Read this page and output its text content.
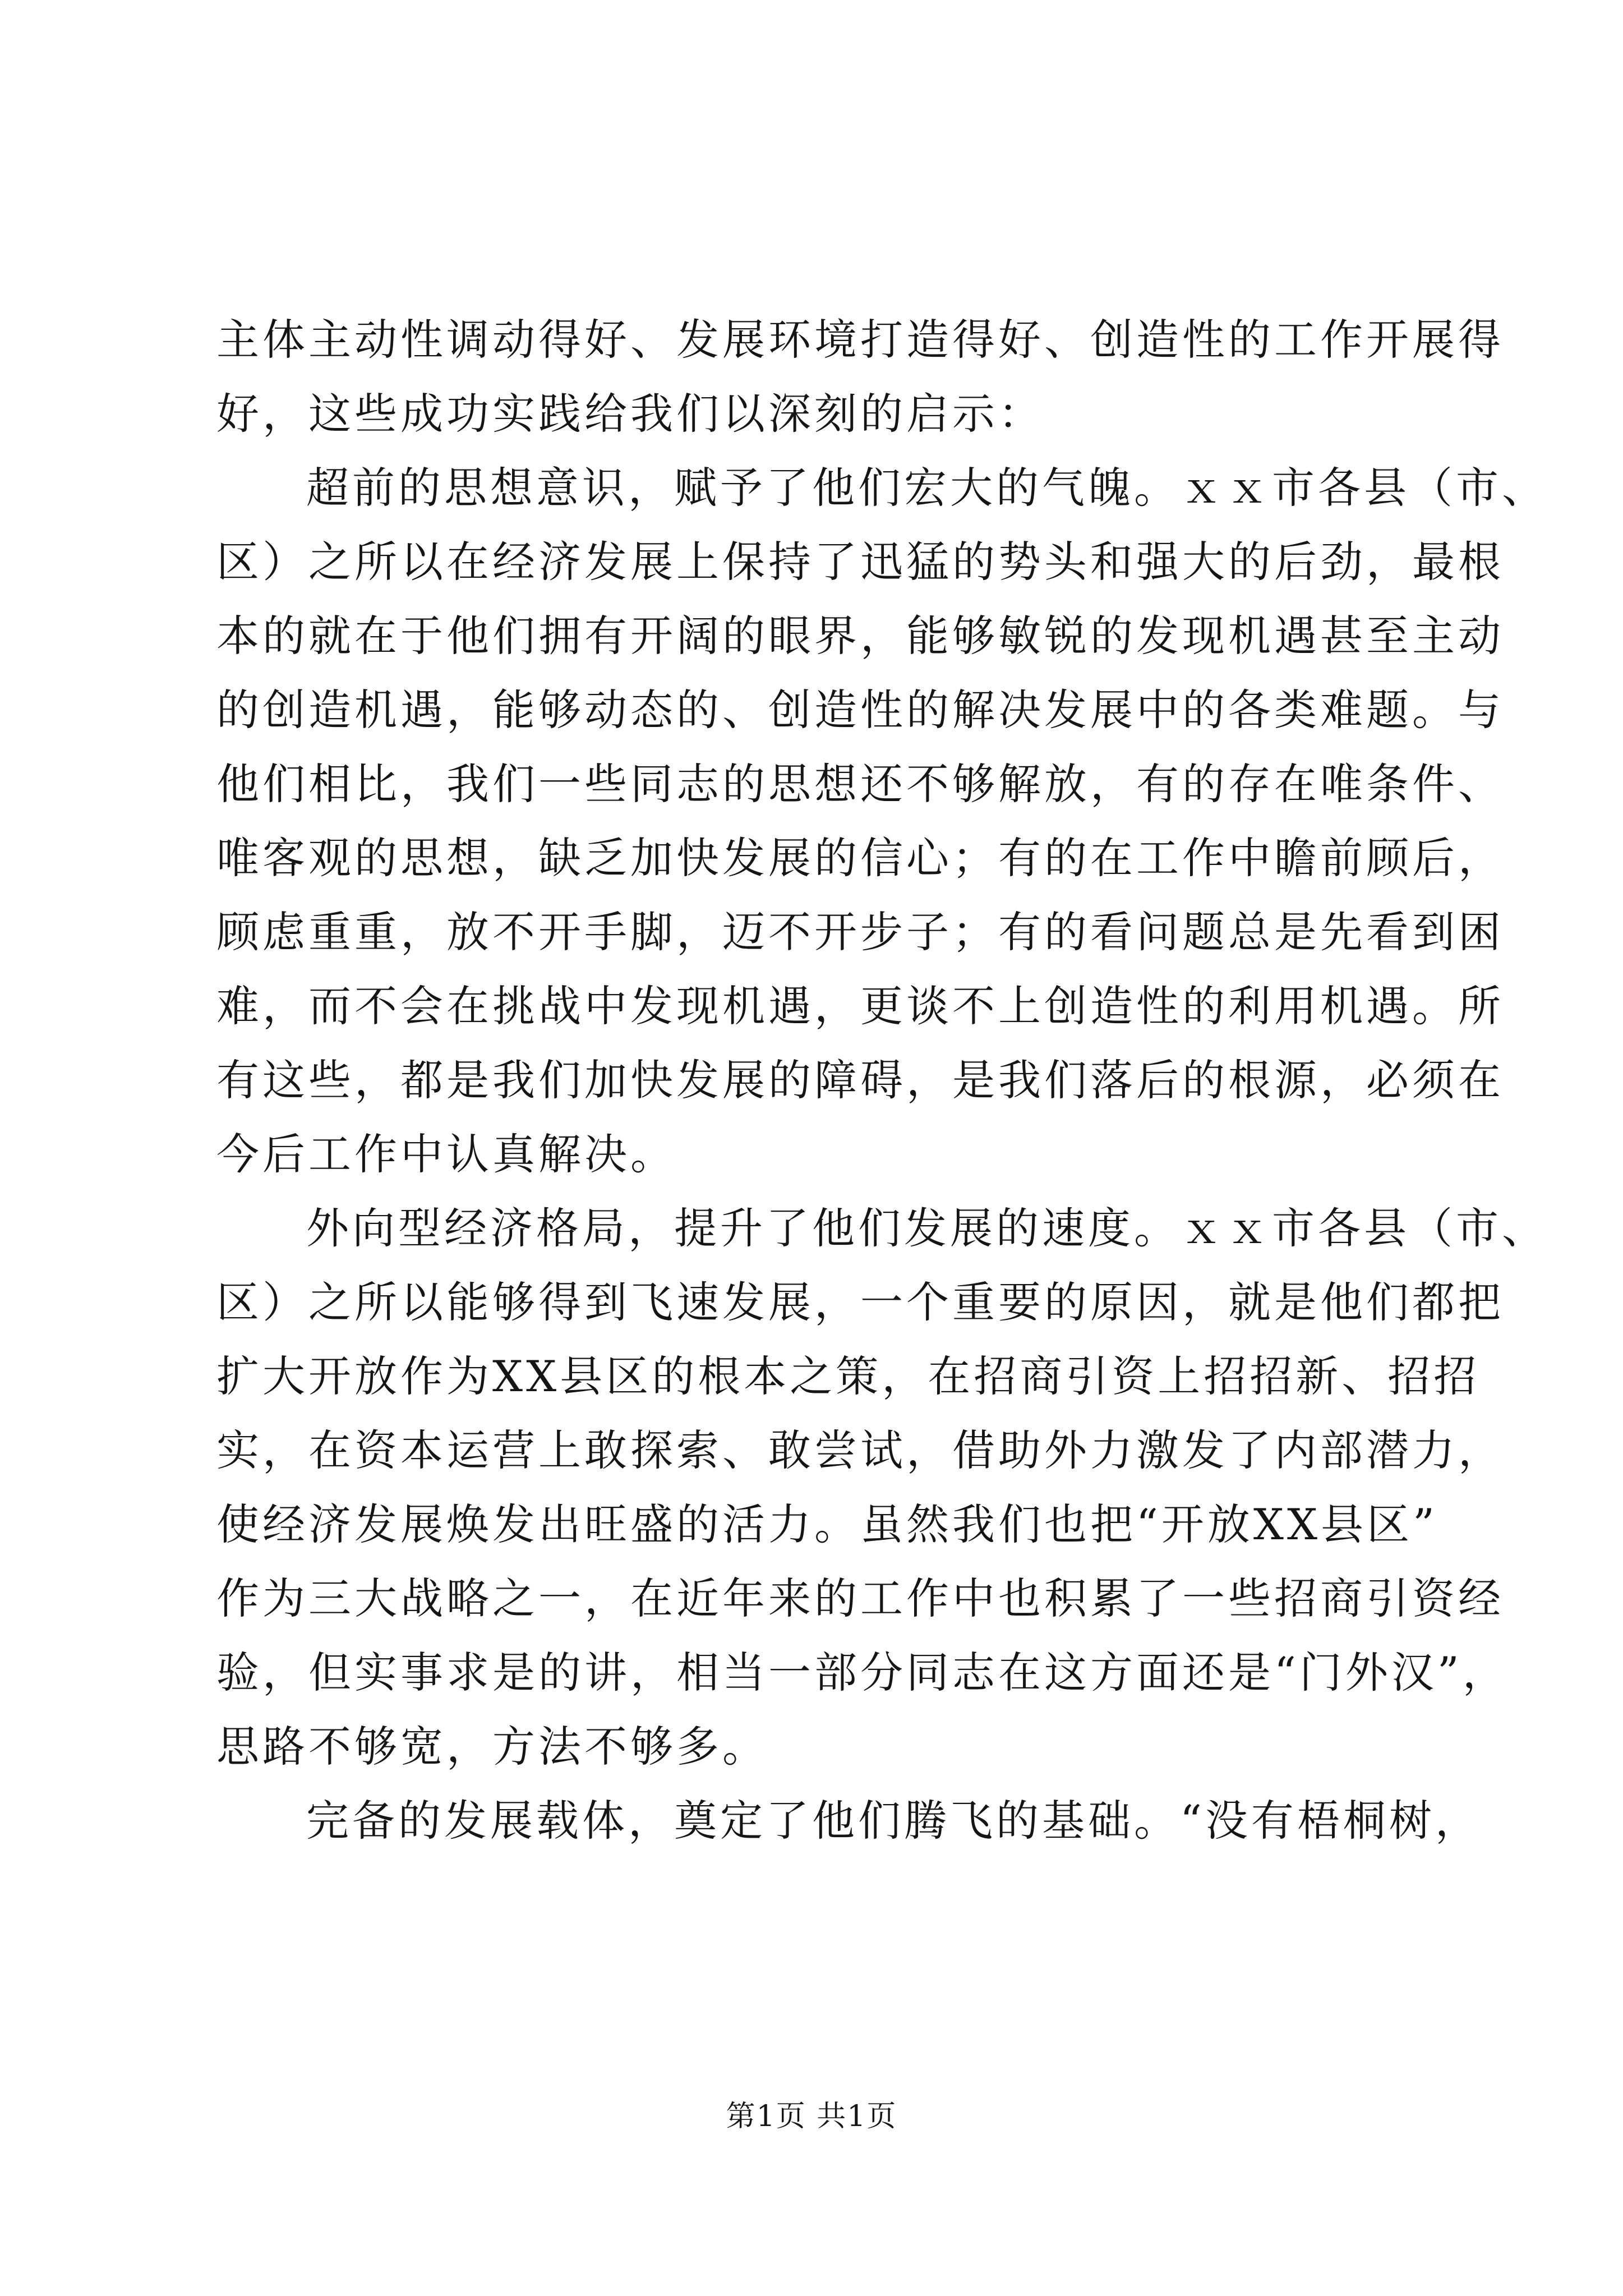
主体主动性调动得好、发展环境打造得好、创造性的工作开展得
好，这些成功实践给我们以深刻的启示：
超前的思想意识，赋予了他们宏大的气魄。ｘｘ市各县（市、
区）之所以在经济发展上保持了迅猛的势头和强大的后劲，最根
本的就在于他们拥有开阔的眼界，能够敏锐的发现机遇甚至主动
的创造机遇，能够动态的、创造性的解决发展中的各类难题。与
他们相比，我们一些同志的思想还不够解放，有的存在唯条件、
唯客观的思想，缺乏加快发展的信心；有的在工作中瞻前顾后，
顾虑重重，放不开手脚，迈不开步子；有的看问题总是先看到困
难，而不会在挑战中发现机遇，更谈不上创造性的利用机遇。所
有这些，都是我们加快发展的障碍，是我们落后的根源，必须在
今后工作中认真解决。
外向型经济格局，提升了他们发展的速度。ｘｘ市各县（市、
区）之所以能够得到飞速发展，一个重要的原因，就是他们都把
扩大开放作为XX县区的根本之策，在招商引资上招招新、招招
实，在资本运营上敢探索、敢尝试，借助外力激发了内部潜力，
使经济发展焕发出旺盛的活力。虽然我们也把“开放XX县区”
作为三大战略之一，在近年来的工作中也积累了一些招商引资经
验，但实事求是的讲，相当一部分同志在这方面还是“门外汉”，
思路不够宽，方法不够多。
完备的发展载体，奠定了他们腾飞的基础。“没有梧桐树，
第1页 共1页
